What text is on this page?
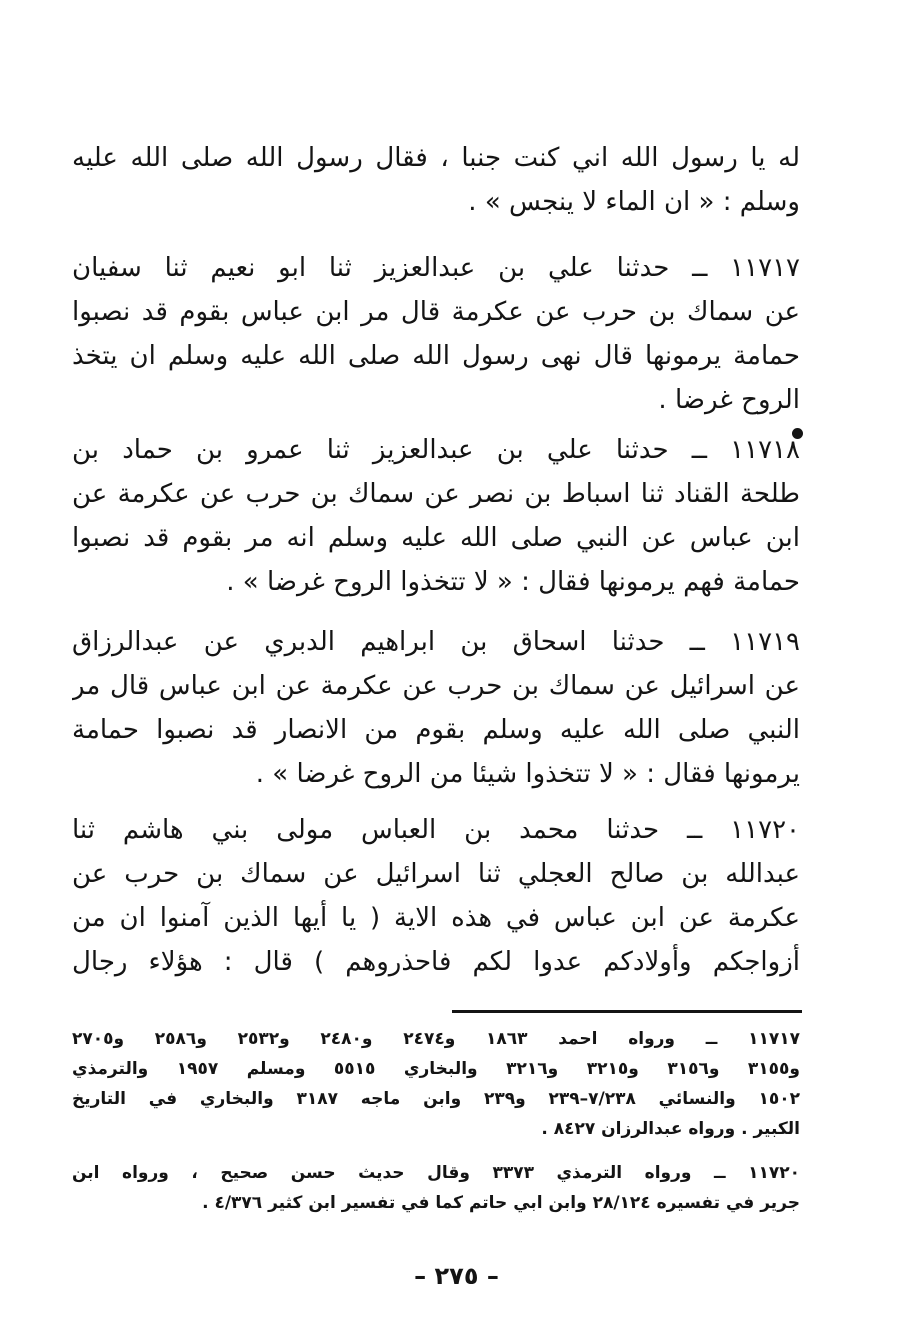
له يا رسول الله اني كنت جنبا ، فقال رسول الله صلى الله عليه
وسلم : « ان الماء لا ينجس » .
١١٧١٧ ــ حدثنا علي بن عبدالعزيز ثنا ابو نعيم ثنا سفيان
عن سماك بن حرب عن عكرمة قال مر ابن عباس بقوم قد نصبوا
حمامة يرمونها قال نهى رسول الله صلى الله عليه وسلم ان يتخذ
الروح غرضا .
١١٧١٨ ــ حدثنا علي بن عبدالعزيز ثنا عمرو بن حماد بن
طلحة القناد ثنا اسباط بن نصر عن سماك بن حرب عن عكرمة عن
ابن عباس عن النبي صلى الله عليه وسلم انه مر بقوم قد نصبوا
حمامة فهم يرمونها فقال : « لا تتخذوا الروح غرضا » .
١١٧١٩ ــ حدثنا اسحاق بن ابراهيم الدبري عن عبدالرزاق
عن اسرائيل عن سماك بن حرب عن عكرمة عن ابن عباس قال مر
النبي صلى الله عليه وسلم بقوم من الانصار قد نصبوا حمامة
يرمونها فقال : « لا تتخذوا شيئا من الروح غرضا » .
١١٧٢٠ ــ حدثنا محمد بن العباس مولى بني هاشم ثنا
عبدالله بن صالح العجلي ثنا اسرائيل عن سماك بن حرب عن
عكرمة عن ابن عباس في هذه الاية ( يا أيها الذين آمنوا ان من
أزواجكم وأولادكم عدوا لكم فاحذروهم ) قال : هؤلاء رجال
١١٧١٧ ــ ورواه احمد ١٨٦٣ و٢٤٧٤ و٢٤٨٠ و٢٥٣٢ و٢٥٨٦ و٢٧٠٥
و٣١٥٥ و٣١٥٦ و٣٢١٥ و٣٢١٦ والبخاري ٥٥١٥ ومسلم ١٩٥٧ والترمذي
١٥٠٢ والنسائي ٧/٢٣٨–٢٣٩ و٢٣٩ وابن ماجه ٣١٨٧ والبخاري في التاريخ
الكبير . ورواه عبدالرزان ٨٤٢٧ .
١١٧٢٠ ــ ورواه الترمذي ٣٣٧٣ وقال حديث حسن صحيح ، ورواه ابن
جرير في تفسيره ٢٨/١٢٤ وابن ابي حاتم كما في تفسير ابن كثير ٤/٣٧٦ .
– ٢٧٥ –
